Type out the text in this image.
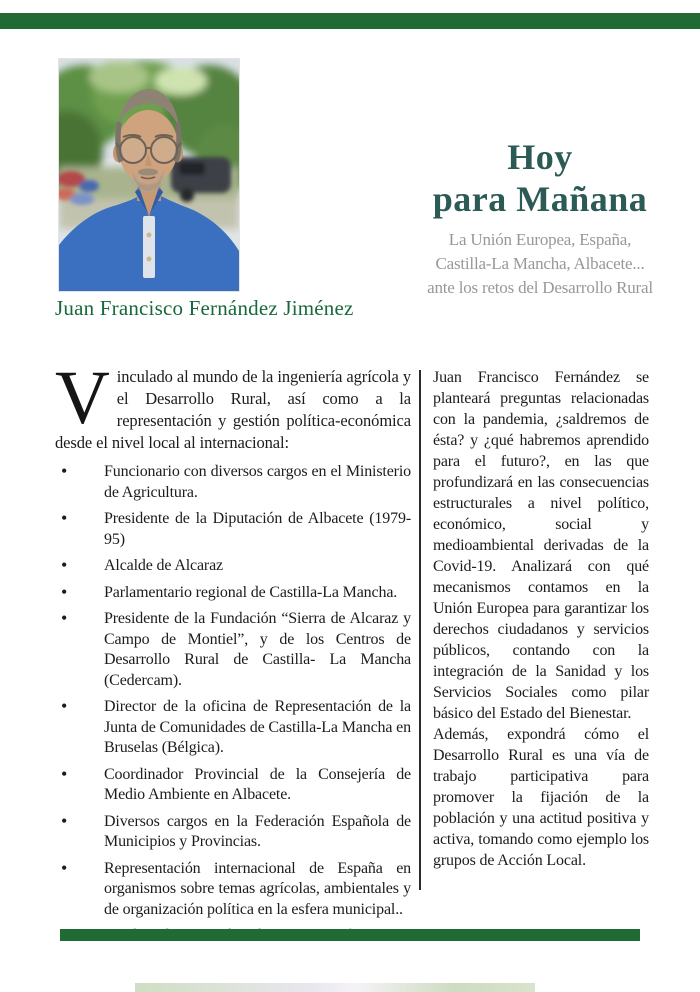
Juan Francisco Fernández Jiménez
Hoy
para Mañana
La Unión Europea, España,
Castilla-La Mancha, Albacete...
ante los retos del Desarrollo Rural
Vinculado al mundo de la ingeniería agrícola y el Desarrollo Rural, así como a la representación y gestión política-económica desde el nivel local al internacional:
• Funcionario con diversos cargos en el Ministerio de Agricultura.
• Presidente de la Diputación de Albacete (1979-95)
• Alcalde de Alcaraz
• Parlamentario regional de Castilla-La Mancha.
• Presidente de la Fundación “Sierra de Alcaraz y Campo de Montiel”, y de los Centros de Desarrollo Rural de Castilla- La Mancha (Cedercam).
• Director de la oficina de Representación de la Junta de Comunidades de Castilla-La Mancha en Bruselas (Bélgica).
• Coordinador Provincial de la Consejería de Medio Ambiente en Albacete.
• Diversos cargos en la Federación Española de Municipios y Provincias.
• Representación internacional de España en organismos sobre temas agrícolas, ambientales y de organización política en la esfera municipal..

Juan Francisco Fernández se planteará preguntas relacionadas con la pandemia, ¿saldremos de ésta? y ¿qué habremos aprendido para el futuro?, en las que profundizará en las consecuencias estructurales a nivel político, económico, social y medioambiental derivadas de la Covid-19. Analizará con qué mecanismos contamos en la Unión Europea para garantizar los derechos ciudadanos y servicios públicos, contando con la integración de la Sanidad y los Servicios Sociales como pilar básico del Estado del Bienestar.

Además, expondrá cómo el Desarrollo Rural es una vía de trabajo participativa para promover la fijación de la población y una actitud positiva y activa, tomando como ejemplo los grupos de Acción Local.
